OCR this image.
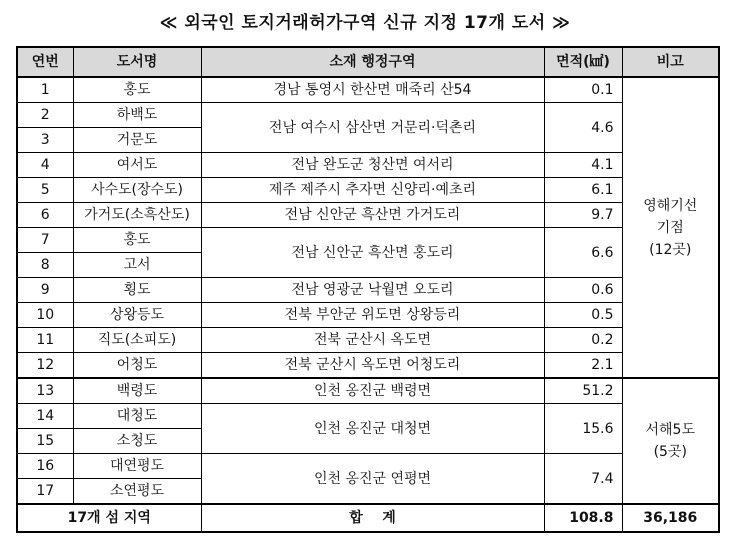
≪ 외국인 토지거래허가구역 신규 지정 17개 도서 ≫
연번	도서명	소재 행정구역	면적(㎢)	비고
1	홍도	경남 통영시 한산면 매죽리 산54	0.1	영해기선
기점
(12곳)

2	하백도	전남 여수시 삼산면 거문리·덕촌리	4.6	
3	거문도			
4	여서도	전남 완도군 청산면 여서리	4.1	
5	사수도(장수도)	제주 제주시 추자면 신양리·예초리	6.1	
6	가거도(소흑산도)	전남 신안군 흑산면 가거도리	9.7	
7	홍도	전남 신안군 흑산면 홍도리	6.6	
8	고서			
9	횡도	전남 영광군 낙월면 오도리	0.6	
10	상왕등도	전북 부안군 위도면 상왕등리	0.5	
11	직도(소피도)	전북 군산시 옥도면	0.2	
12	어청도	전북 군산시 옥도면 어청도리	2.1	
13	백령도	인천 옹진군 백령면	51.2	서해5도
(5곳)

14	대청도	인천 옹진군 대청면	15.6	
15	소청도			
16	대연평도	인천 옹진군 연평면	7.4	
17	소연평도			
17개 섬 지역		합    계	108.8	36,186
